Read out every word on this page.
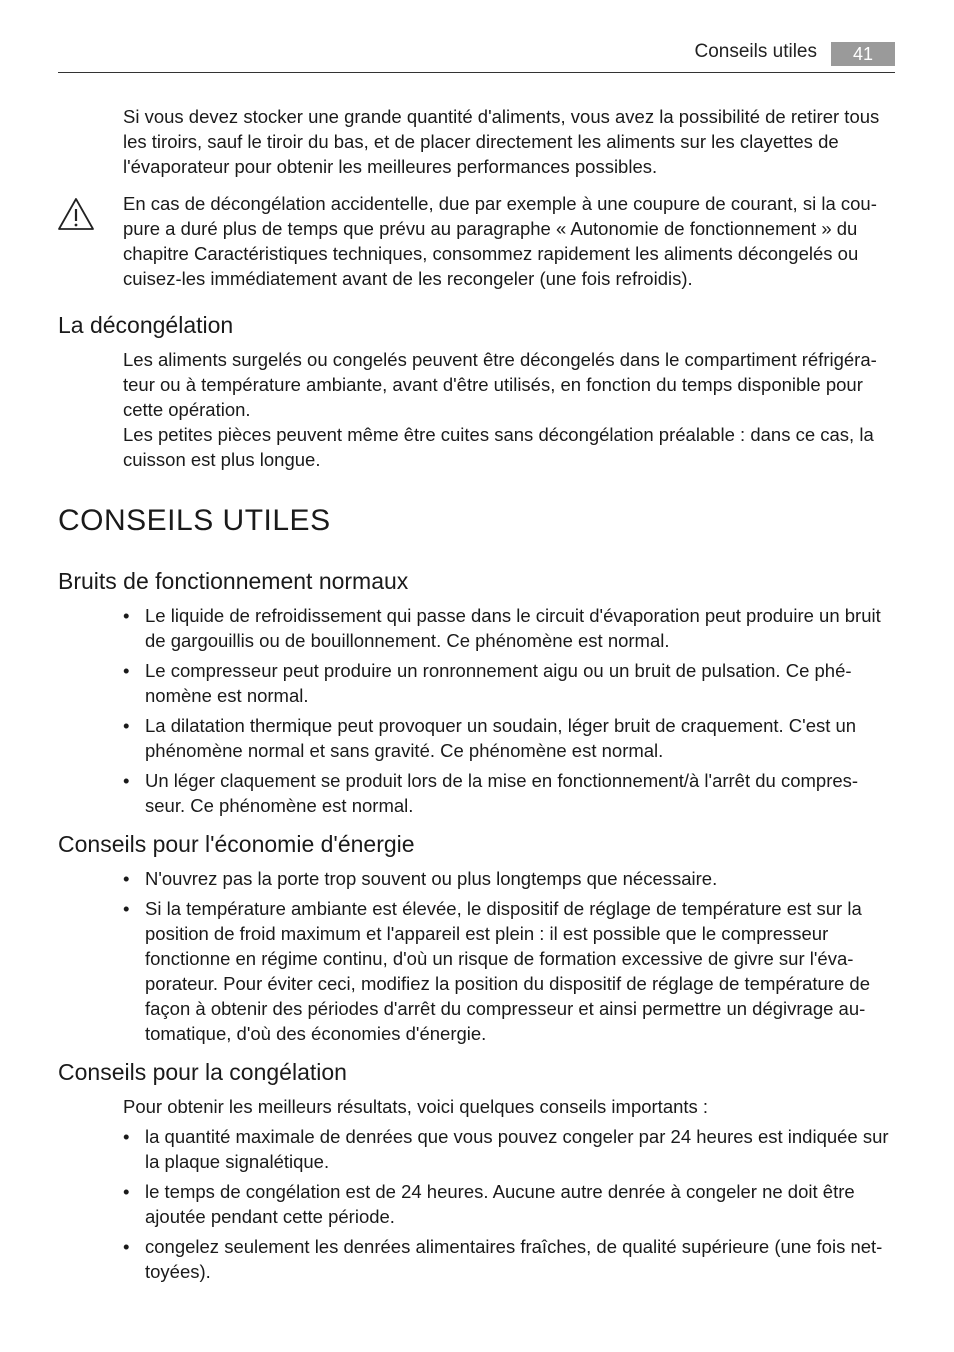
Conseils utiles	41

Si vous devez stocker une grande quantité d'aliments, vous avez la possibilité de retirer tous les tiroirs, sauf le tiroir du bas, et de placer directement les aliments sur les clayettes de l'évaporateur pour obtenir les meilleures performances possibles.

En cas de décongélation accidentelle, due par exemple à une coupure de courant, si la cou-pure a duré plus de temps que prévu au paragraphe « Autonomie de fonctionnement » du chapitre Caractéristiques techniques, consommez rapidement les aliments décongelés ou cuisez-les immédiatement avant de les recongeler (une fois refroidis).

La décongélation

Les aliments surgelés ou congelés peuvent être décongelés dans le compartiment réfrigéra-teur ou à température ambiante, avant d'être utilisés, en fonction du temps disponible pour cette opération.

Les petites pièces peuvent même être cuites sans décongélation préalable : dans ce cas, la cuisson est plus longue.

CONSEILS UTILES
Bruits de fonctionnement normaux
• Le liquide de refroidissement qui passe dans le circuit d'évaporation peut produire un bruit de gargouillis ou de bouillonnement. Ce phénomène est normal.
• Le compresseur peut produire un ronronnement aigu ou un bruit de pulsation. Ce phé-nomène est normal.
• La dilatation thermique peut provoquer un soudain, léger bruit de craquement. C'est un phénomène normal et sans gravité. Ce phénomène est normal.
• Un léger claquement se produit lors de la mise en fonctionnement/à l'arrêt du compres-seur. Ce phénomène est normal.
Conseils pour l'économie d'énergie
• N'ouvrez pas la porte trop souvent ou plus longtemps que nécessaire.
• Si la température ambiante est élevée, le dispositif de réglage de température est sur la position de froid maximum et l'appareil est plein : il est possible que le compresseur fonctionne en régime continu, d'où un risque de formation excessive de givre sur l'éva-porateur. Pour éviter ceci, modifiez la position du dispositif de réglage de température de façon à obtenir des périodes d'arrêt du compresseur et ainsi permettre un dégivrage au-tomatique, d'où des économies d'énergie.
Conseils pour la congélation

Pour obtenir les meilleurs résultats, voici quelques conseils importants :

• la quantité maximale de denrées que vous pouvez congeler par 24 heures est indiquée sur la plaque signalétique.
• le temps de congélation est de 24 heures. Aucune autre denrée à congeler ne doit être ajoutée pendant cette période.
• congelez seulement les denrées alimentaires fraîches, de qualité supérieure (une fois net-toyées).
